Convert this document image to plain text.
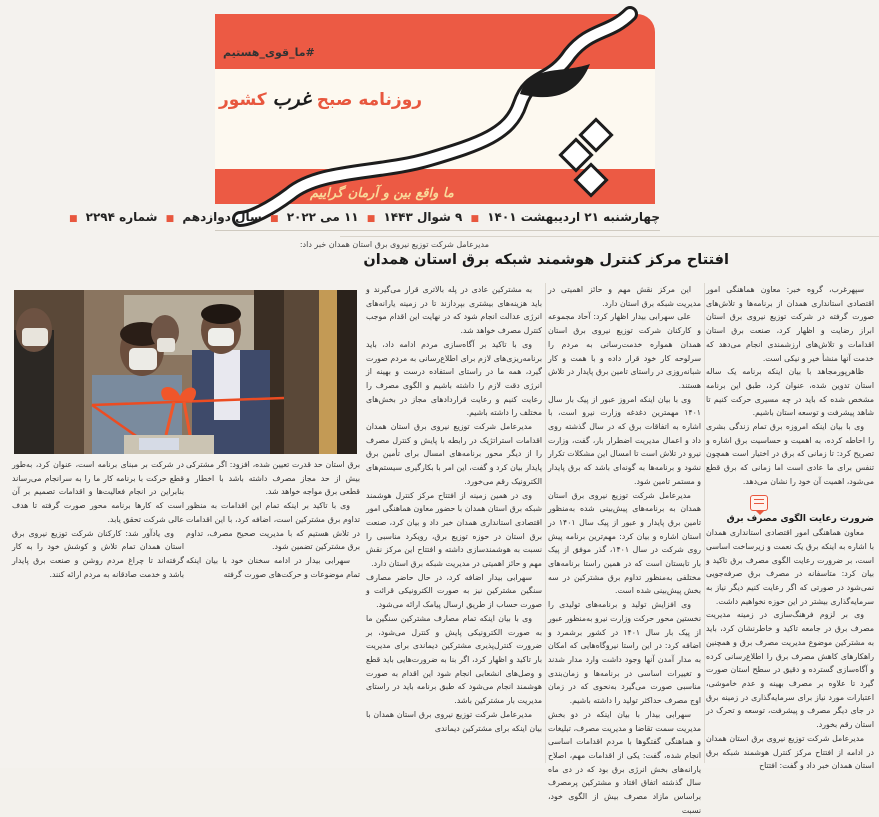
#ما_قوی_هستیم
روزنامه صبح غرب کشور
ما واقع بین و آرمان گراییم
چهارشنبه ۲۱ اردیبهشت ۱۴۰۱ ■ ۹ شوال ۱۴۴۳ ■ ۱۱ می ۲۰۲۲ ■ سال دوازدهم ■ شماره ۲۲۹۴ ■
مدیرعامل شرکت توزیع نیروی برق استان همدان خبر داد:
افتتاح مرکز کنترل هوشمند شبکه برق استان همدان

سپهرغرب، گروه خبر: معاون هماهنگی امور اقتصادی استانداری همدان از برنامه‌ها و تلاش‌های صورت گرفته در شرکت توزیع نیروی برق استان ابراز رضایت و اظهار کرد، صنعت برق استان اقدامات و تلاش‌های ارزشمندی انجام می‌دهد که خدمت آنها منشأ خیر و نیکی است.

ظاهرپورمجاهد با بیان اینکه برنامه یک ساله استان تدوین شده، عنوان کرد، طبق این برنامه مشخص شده که باید در چه مسیری حرکت کنیم تا شاهد پیشرفت و توسعه استان باشیم.

وی با بیان اینکه امروزه برق تمام زندگی بشری را احاطه کرده، به اهمیت و حساسیت برق اشاره و تصریح کرد: تا زمانی که برق در اختیار است همچون تنفس برای ما عادی است اما زمانی که برق قطع می‌شود، اهمیت آن خود را نشان می‌دهد.

ضرورت رعایت الگوی مصرف برق

معاون هماهنگی امور اقتصادی استانداری همدان با اشاره به اینکه برق یک نعمت و زیرساخت اساسی است، بر ضرورت رعایت الگوی مصرف برق تاکید و بیان کرد: متاسفانه در مصرف برق صرفه‌جویی نمی‌شود در صورتی که اگر رعایت کنیم دیگر نیاز به سرمایه‌گذاری بیشتر در این حوزه نخواهیم داشت.

وی بر لزوم فرهنگ‌سازی در زمینه مدیریت مصرف برق در جامعه تاکید و خاطرنشان کرد، باید به مشترکین موضوع مدیریت مصرف برق و همچنین راهکارهای کاهش مصرف برق را اطلاع‌رسانی کرده و آگاه‌سازی گسترده و دقیق در سطح استان صورت گیرد تا علاوه بر مصرف بهینه و عدم خاموشی، اعتبارات مورد نیاز برای سرمایه‌گذاری در زمینه برق در جای دیگر مصرف و پیشرفت، توسعه و تحرک در استان رقم بخورد.

مدیرعامل شرکت توزیع نیروی برق استان همدان در ادامه از افتتاح مرکز کنترل هوشمند شبکه برق استان همدان خبر داد و گفت: افتتاح

این مرکز نقش مهم و حائز اهمیتی در مدیریت شبکه برق استان دارد.

علی سهرابی بیدار اظهار کرد: آحاد مجموعه و کارکنان شرکت توزیع نیروی برق استان همدان همواره خدمت‌رسانی به مردم را سرلوحه کار خود قرار داده و با همت و کار شبانه‌روزی در راستای تامین برق پایدار در تلاش هستند.

وی با بیان اینکه امروز عبور از پیک بار سال ۱۴۰۱ مهمترین دغدغه وزارت نیرو است، با اشاره به اتفاقات برق که در سال گذشته روی داد و اعمال مدیریت اضطرار بار، گفت، وزارت نیرو در تلاش است تا امسال این مشکلات تکرار نشود و برنامه‌ها به گونه‌ای باشد که برق پایدار و مستمر تامین شود.

مدیرعامل شرکت توزیع نیروی برق استان همدان به برنامه‌های پیش‌بینی شده به‌منظور تامین برق پایدار و عبور از پیک سال ۱۴۰۱ در استان اشاره و بیان کرد: مهم‌ترین برنامه پیش روی شرکت در سال ۱۴۰۱، گذر موفق از پیک بار تابستان است که در همین راستا برنامه‌های مختلفی به‌منظور تداوم برق مشترکین در سه بخش پیش‌بینی شده است.

وی افزایش تولید و برنامه‌های تولیدی را نخستین محور حرکت وزارت نیرو به‌منظور عبور از پیک بار سال ۱۴۰۱ در کشور برشمرد و اضافه کرد: در این راستا نیروگاه‌هایی که امکان به مدار آمدن آنها وجود داشت وارد مدار شدند و تغییرات اساسی در برنامه‌ها و زمان‌بندی مناسبی صورت می‌گیرد به‌نحوی که در زمان اوج مصرف حداکثر تولید را داشته باشیم.

سهرابی بیدار با بیان اینکه در دو بخش مدیریت سمت تقاضا و مدیریت مصرف، تبلیغات و هماهنگی گفتگوها با مردم اقدامات اساسی انجام شده، گفت: یکی از اقدامات مهم، اصلاح یارانه‌های بخش انرژی برق بود که در دی ماه سال گذشته اتفاق افتاد و مشترکین پرمصرف براساس مازاد مصرف بیش از الگوی خود، نسبت

به مشترکین عادی در پله بالاتری قرار می‌گیرند و باید هزینه‌های بیشتری بپردازند تا در زمینه یارانه‌های انرژی عدالت انجام شود که در نهایت این اقدام موجب کنترل مصرف خواهد شد.

وی با تاکید بر آگاه‌سازی مردم ادامه داد، باید برنامه‌ریزی‌های لازم برای اطلاع‌رسانی به مردم صورت گیرد، همه ما در راستای استفاده درست و بهینه از انرژی دقت لازم را داشته باشیم و الگوی مصرف را رعایت کنیم و رعایت قراردادهای مجاز در بخش‌های مختلف را داشته باشیم.

مدیرعامل شرکت توزیع نیروی برق استان همدان اقدامات استراتژیک در رابطه با پایش و کنترل مصرف را از دیگر محور برنامه‌های امسال برای تأمین برق پایدار بیان کرد و گفت، این امر با بکارگیری سیستم‌های الکترونیک رقم می‌خورد.

وی در همین زمینه از افتتاح مرکز کنترل هوشمند شبکه برق استان همدان با حضور معاون هماهنگی امور اقتصادی استانداری همدان خبر داد و بیان کرد، صنعت برق استان در حوزه توزیع برق، رویکرد مناسبی را نسبت به هوشمندسازی داشته و افتتاح این مرکز نقش مهم و حائز اهمیتی در مدیریت شبکه برق استان دارد.

سهرابی بیدار اضافه کرد، در حال حاضر مصارف سنگین مشترکین نیز به صورت الکترونیکی قرائت و صورت حساب از طریق ارسال پیامک ارائه می‌شود.

وی با بیان اینکه تمام مصارف مشترکین سنگین ما به صورت الکترونیکی پایش و کنترل می‌شود، بر ضرورت کنترل‌پذیری مشترکین دیماندی برای مدیریت بار تاکید و اظهار کرد، اگر بنا به ضرورت‌هایی باید قطع و وصل‌های انشعابی انجام شود این اقدام به صورت هوشمند انجام می‌شود که طبق برنامه باید در راستای مدیریت بار مشترکین باشد.

مدیرعامل شرکت توزیع نیروی برق استان همدان با بیان اینکه برای مشترکین دیماندی

برق استان حد قدرت تعیین شده، افزود: اگر مشترکی بیش از حد مجاز مصرف داشته باشد با اخطار و قطعی برق مواجه خواهد شد.

وی با تاکید بر اینکه تمام این اقدامات به منظور تداوم برق مشترکین است، اضافه کرد، با این اقدامات در تلاش هستیم که با مدیریت صحیح مصرف، تداوم برق مشترکین تضمین شود.

سهرابی بیدار در ادامه سخنان خود با بیان اینکه تمام موضوعات و حرکت‌های صورت گرفته

در شرکت بر مبنای برنامه است، عنوان کرد، به‌طور قطع حرکت با برنامه کار ما را به سرانجام می‌رساند بنابراین در انجام فعالیت‌ها و اقدامات تصمیم بر آن است که کارها برنامه محور صورت گرفته تا هدف عالی شرکت تحقق یابد.

وی یادآور شد: کارکنان شرکت توزیع نیروی برق استان همدان تمام تلاش و کوشش خود را به کار گرفته‌اند تا چراغ مردم روشن و صنعت برق پایدار باشد و خدمت صادقانه به مردم ارائه کنند.
